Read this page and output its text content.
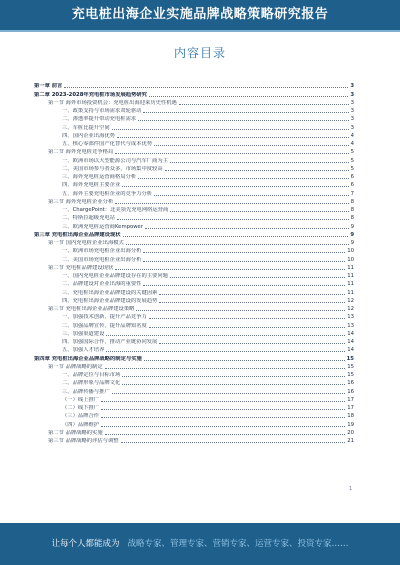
充电桩出海企业实施品牌战略策略研究报告
内容目录
第一章 前言	3
第二章 2023-2028年充电桩市场发展趋势研究	3
第一节 海外市场投资机会：充电桩出海迎来历史性机遇	3
一、政策支持与市场需求双轮驱动	3
二、渗透率提升带动充电桩需求	3
三、车桩比提升空间	3
四、国内企业出海优势	4
五、核心零部件国产化替代与成本优势	4
第二节 海外充电桩竞争格局	5
一、欧洲市场以大型能源公司与汽车厂商为主	5
二、美国市场参与者众多，市场集中度较高	5
三、海外充电桩运营商格局分析	6
四、海外充电桩主要企业	6
五、海外主要充电桩企业的竞争力分析	7
第三节 海外充电桩企业分析	8
一、ChargePoint：北美领先充电网络运营商	8
二、特斯拉超级充电站	8
三、欧洲充电桩运营商Kempower	9
第三章 充电桩出海企业品牌建设现状	9
第一节 国内充电桩企业出海模式	9
一、欧洲市场充电桩企业出海分析	10
二、美国市场充电桩企业出海分析	10
第二节 充电桩品牌建设现状	11
一、国内充电桩企业品牌建设存在的主要问题	11
二、品牌建设对企业出海的重要性	11
三、充电桩出海企业品牌建设的关键因素	11
四、充电桩出海企业品牌建设的发展趋势	12
第三节 充电桩出海企业品牌建设策略	12
一、加强技术创新，提升产品竞争力	13
二、加强品牌宣传，提升品牌知名度	13
三、加强渠道建设	14
四、加强国际合作，推动产业链协同发展	14
五、加强人才培养	14
第四章 充电桩出海企业品牌战略的制定与实施	15
第一节 品牌战略的制定	15
一、品牌定位与目标市场	15
二、品牌形象与品牌文化	16
三、品牌传播与推广	16
（一）线上推广	17
（二）线下推广	17
（三）品牌合作	18
（四）品牌维护	19
第二节 品牌战略的实施	20
第三节 品牌战略的评估与调整	21
1
让每个人都能成为 战略专家、管理专家、营销专家、运营专家、投资专家……
